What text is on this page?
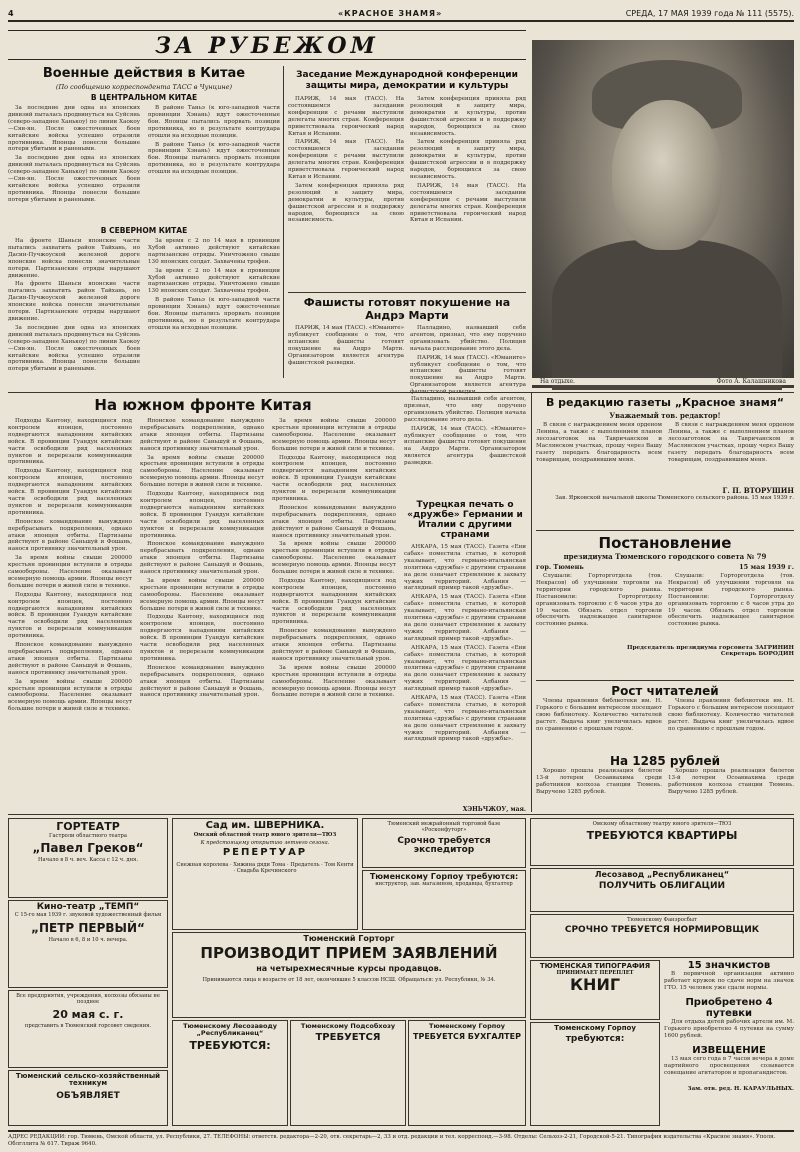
4	«КРАСНОЕ ЗНАМЯ»	СРЕДА, 17 МАЯ 1939 года № 111 (5575).
ЗА РУБЕЖОМ
Военные действия в Китае
(По сообщению корреспондента ТАСС в Чунцине)
В ЦЕНТРАЛЬНОМ КИТАЕ

За последние дни одна из японских дивизий пыталась продвинуться на Суйсянь (северо-западнее Ханькоу) по линии Хаокоу—Сян-ян. После ожесточенных боев китайские войска успешно отразили противника. Японцы понесли большие потери убитыми и ранеными.

За последние дни одна из японских дивизий пыталась продвинуться на Суйсянь (северо-западнее Ханькоу) по линии Хаокоу—Сян-ян. После ожесточенных боев китайские войска успешно отразили противника. Японцы понесли большие потери убитыми и ранеными.

В районе Таньэ (к юго-западной части провинции Хэнань) идут ожесточенные бои. Японцы пытались прорвать позиции противника, но в результате контрудара отошли на исходные позиции.

В районе Таньэ (к юго-западной части провинции Хэнань) идут ожесточенные бои. Японцы пытались прорвать позиции противника, но в результате контрудара отошли на исходные позиции.

В СЕВЕРНОМ КИТАЕ

На фронте Шаньси японские части пытались захватить район Тайхань, но Дасин-Пучжоуской железной дороге японские войска понесли значительные потери. Партизанские отряды нарушают движение.

На фронте Шаньси японские части пытались захватить район Тайхань, но Дасин-Пучжоуской железной дороге японские войска понесли значительные потери. Партизанские отряды нарушают движение.

За последние дни одна из японских дивизий пыталась продвинуться на Суйсянь (северо-западнее Ханькоу) по линии Хаокоу—Сян-ян. После ожесточенных боев китайские войска успешно отразили противника. Японцы понесли большие потери убитыми и ранеными.

За время с 2 по 14 мая в провинции Хубэй активно действуют китайские партизанские отряды. Уничтожено свыше 130 японских солдат. Захвачены трофеи.

За время с 2 по 14 мая в провинции Хубэй активно действуют китайские партизанские отряды. Уничтожено свыше 130 японских солдат. Захвачены трофеи.

В районе Таньэ (к юго-западной части провинции Хэнань) идут ожесточенные бои. Японцы пытались прорвать позиции противника, но в результате контрудара отошли на исходные позиции.

Заседание Международной конференции защиты мира, демократии и культуры

ПАРИЖ, 14 мая (ТАСС). На состоявшемся заседании конференции с речами выступили делегаты многих стран. Конференция приветствовала героический народ Китая и Испании.

ПАРИЖ, 14 мая (ТАСС). На состоявшемся заседании конференции с речами выступили делегаты многих стран. Конференция приветствовала героический народ Китая и Испании.

Затем конференция приняла ряд резолюций в защиту мира, демократии и культуры, против фашистской агрессии и в поддержку народов, борющихся за свою независимость.

Затем конференция приняла ряд резолюций в защиту мира, демократии и культуры, против фашистской агрессии и в поддержку народов, борющихся за свою независимость.

Затем конференция приняла ряд резолюций в защиту мира, демократии и культуры, против фашистской агрессии и в поддержку народов, борющихся за свою независимость.

ПАРИЖ, 14 мая (ТАСС). На состоявшемся заседании конференции с речами выступили делегаты многих стран. Конференция приветствовала героический народ Китая и Испании.

Фашисты готовят покушение на Андрэ Марти

ПАРИЖ, 14 мая (ТАСС). «Юманите» публикует сообщение о том, что испанские фашисты готовят покушение на Андрэ Марти. Организатором является агентура фашистской разведки.

Палладино, назвавший себя агентом, признал, что ему поручено организовать убийство. Полиция начала расследование этого дела.

ПАРИЖ, 14 мая (ТАСС). «Юманите» публикует сообщение о том, что испанские фашисты готовят покушение на Андрэ Марти. Организатором является агентура

На отдыхе.	Фото А. Калашникова
На южном фронте Китая

Подходы Кантону, находящиеся под контролем японцев, постоянно подвергаются нападениям китайских войск. В провинции Гуандун китайские части освободили ряд населенных пунктов и перерезали коммуникации противника.

Подходы Кантону, находящиеся под контролем японцев, постоянно подвергаются нападениям китайских войск. В провинции Гуандун китайские части освободили ряд населенных пунктов и перерезали коммуникации противника.

Японское командование вынуждено перебрасывать подкрепления, однако атаки японцев отбиты. Партизаны действуют в районе Саньшуй и Фошань, нанося противнику значительный урон.

За время войны свыше 200000 крестьян провинции вступили в отряды самообороны. Население оказывает всемерную помощь армии. Японцы несут большие потери в живой силе и технике.

Подходы Кантону, находящиеся под контролем японцев, постоянно подвергаются нападениям китайских войск. В провинции Гуандун китайские части освободили ряд населенных пунктов и перерезали коммуникации противника.

Японское командование вынуждено перебрасывать подкрепления, однако атаки японцев отбиты. Партизаны действуют в районе Саньшуй и Фошань, нанося противнику значительный урон.

За время войны свыше 200000 крестьян провинции вступили в отряды самообороны. Население оказывает всемерную помощь армии. Японцы несут большие потери в живой силе и технике.

Японское командование вынуждено перебрасывать подкрепления, однако атаки японцев отбиты. Партизаны действуют в районе Саньшуй и Фошань, нанося противнику значительный урон.

За время войны свыше 200000 крестьян провинции вступили в отряды самообороны. Население оказывает всемерную помощь армии. Японцы несут большие потери в живой силе и технике.

Подходы Кантону, находящиеся под контролем японцев, постоянно подвергаются нападениям китайских войск. В провинции Гуандун китайские части освободили ряд населенных пунктов и перерезали коммуникации противника.

Японское командование вынуждено перебрасывать подкрепления, однако атаки японцев отбиты. Партизаны действуют в районе Саньшуй и Фошань, нанося противнику значительный урон.

За время войны свыше 200000 крестьян провинции вступили в отряды самообороны. Население оказывает всемерную помощь армии. Японцы несут большие потери в живой силе и технике.

Подходы Кантону, находящиеся под контролем японцев, постоянно подвергаются нападениям китайских войск. В провинции Гуандун китайские части освободили ряд населенных пунктов и перерезали коммуникации противника.

Японское командование вынуждено перебрасывать подкрепления, однако атаки японцев отбиты. Партизаны действуют в районе Саньшуй и Фошань, нанося противнику значительный урон.

За время войны свыше 200000 крестьян провинции вступили в отряды самообороны. Население оказывает всемерную помощь армии. Японцы несут большие потери в живой силе и технике.

Подходы Кантону, находящиеся под контролем японцев, постоянно подвергаются нападениям китайских войск. В провинции Гуандун китайские части освободили ряд населенных пунктов и перерезали коммуникации противника.

Японское командование вынуждено перебрасывать подкрепления, однако атаки японцев отбиты. Партизаны действуют в районе Саньшуй и Фошань, нанося противнику значительный урон.

За время войны свыше 200000 крестьян провинции вступили в отряды самообороны. Население оказывает всемерную помощь армии. Японцы несут большие потери в живой силе и технике.

Подходы Кантону, находящиеся под контролем японцев, постоянно подвергаются нападениям китайских войск. В провинции Гуандун китайские части освободили ряд населенных пунктов и перерезали коммуникации противника.

Японское командование вынуждено перебрасывать подкрепления, однако атаки японцев отбиты. Партизаны действуют в районе Саньшуй и Фошань, нанося противнику значительный урон.

За время войны свыше 200000 крестьян провинции вступили в отряды самообороны. Население оказывает всемерную помощь армии. Японцы несут большие потери в живой силе и технике.

Палладино, назвавший себя агентом, признал, что ему поручено организовать убийство. Полиция начала расследование этого дела.

ПАРИЖ, 14 мая (ТАСС). «Юманите» публикует сообщение о том, что испанские фашисты готовят покушение на Андрэ Марти. Организатором является агентура фашистской разведки.

Турецкая печать о «дружбе» Германии и Италии с другими странами

АНКАРА, 15 мая (ТАСС). Газета «Ени сабах» поместила статью, в которой указывает, что германо-итальянская политика «дружбы» с другими странами на деле означает стремление к захвату чужих территорий. Албания — наглядный пример такой «дружбы».

АНКАРА, 15 мая (ТАСС). Газета «Ени сабах» поместила статью, в которой указывает, что германо-итальянская политика «дружбы» с другими странами на деле означает стремление к захвату чужих территорий. Албания — наглядный пример такой «дружбы».

АНКАРА, 15 мая (ТАСС). Газета «Ени сабах» поместила статью, в которой указывает, что германо-итальянская политика «дружбы» с другими странами на деле означает стремление к захвату чужих территорий. Албания — наглядный пример такой «дружбы».

АНКАРА, 15 мая (ТАСС). Газета «Ени сабах» поместила статью, в которой указывает, что германо-итальянская политика «дружбы» с другими странами на деле означает стремление к захвату чужих территорий. Албания — наглядный пример такой «дружбы».

ХЭНЬЧЖОУ, мая.
В редакцию газеты „Красное знамя“
Уважаемый тов. редактор!

В связи с награждением меня орденом Ленина, а также с выполнением планов лесозаготовок на Тавричанском и Маслянском участках, прошу через Вашу газету передать благодарность всем товарищам, поздравившим меня.

В связи с награждением меня орденом Ленина, а также с выполнением планов лесозаготовок на Тавричанском и Маслянском участках, прошу через Вашу газету передать благодарность всем товарищам, поздравившим меня.

Г. П. ВТОРУШИН
Зав. Ярковской начальной школы Тюменского сельского района. 15 мая 1939 г.
Постановление
президиума Тюменского городского совета № 79
гор. Тюмень	15 мая 1939 г.

Слушали: Горторготдела (тов. Некрасов) об улучшении торговли на территории городского рынка. Постановили: Горторготделу организовать торговлю с 6 часов утра до 19 часов. Обязать отдел торговли обеспечить надлежащее санитарное состояние рынка.

Слушали: Горторготдела (тов. Некрасов) об улучшении торговли на территории городского рынка. Постановили: Горторготделу организовать торговлю с 6 часов утра до 19 часов. Обязать отдел торговли обеспечить надлежащее санитарное состояние рынка.

Председатель президиума горсовета ЗАГРИНИН
Секретарь БОРОДИН
Рост читателей

Члены правления библиотеки им. Н. Горького с большим интересом посещают свою библиотеку. Количество читателей растет. Выдача книг увеличилась вдвое по сравнению с прошлым годом.

Члены правления библиотеки им. Н. Горького с большим интересом посещают свою библиотеку. Количество читателей растет. Выдача книг увеличилась вдвое по сравнению с прошлым годом.

На 1285 рублей

Хорошо прошла реализация билетов 13-й лотереи Осоавиахима среди работников колхоза станции Тюмень. Выручено 1285 рублей.

Хорошо прошла реализация билетов 13-й лотереи Осоавиахима среди работников колхоза станции Тюмень. Выручено 1285 рублей.

ГОРТЕАТР
Гастроли областного театра
„Павел Греков“
Начало в 8 ч. веч. Касса с 12 ч. дня.
Кино-театр „ТЕМП“
С 15-го мая 1939 г. звуковой художественный фильм
„ПЕТР ПЕРВЫЙ“
Начало в 6, 8 и 10 ч. вечера.
Все предприятия, учреждения, колхозы обязаны не позднее
20 мая с. г.
представить в Тюменский горсовет сведения.
Тюменский сельско-хозяйственный техникум
ОБЪЯВЛЯЕТ
Сад им. ШВЕРНИКА.
Омский областной театр юного зрителя—ТЮЗ
К предстоящему открытию летнего сезона.
РЕПЕРТУАР
Снежная королева · Хижина дяди Тома · Предатель · Том Кенти · Свадьба Кречинского
Тюменский Горторг
ПРОИЗВОДИТ ПРИЕМ ЗАЯВЛЕНИЙ
на четырехмесячные курсы продавцов.
Принимаются лица в возрасте от 18 лет, окончившие 5 классов НСШ. Обращаться: ул. Республики, № 34.
Тюменскому Лесозаводу „Республиканец“
ТРЕБУЮТСЯ:
Тюменскому Подсобхозу
ТРЕБУЕТСЯ
Тюменскому Горпоу
ТРЕБУЕТСЯ БУХГАЛТЕР
Тюменский межрайонный торговой базе «Росконфуторг»
Срочно требуется экспедитор
Тюменскому Горпоу требуются:
инструктор, зав. магазином, продавцы, бухгалтер
Омскому областному театру юного зрителя—ТЮЗ
ТРЕБУЮТСЯ КВАРТИРЫ
Лесозавод „Республиканец“
ПОЛУЧИТЬ ОБЛИГАЦИИ
Тюменскому Фанэросбыт
СРОЧНО ТРЕБУЕТСЯ НОРМИРОВЩИК
ТЮМЕНСКАЯ ТИПОГРАФИЯ
ПРИНИМАЕТ ПЕРЕПЛЕТ
КНИГ
15 значкистов

В первичной организации активно работает кружок по сдаче норм на значок ГТО. 15 человек уже сдали нормы.

Приобретено 4 путевки

Для отдыха детей рабочих артели им. М. Горького приобретено 4 путевки на сумму 1600 рублей.

ИЗВЕЩЕНИЕ

13 мая сего года в 7 часов вечера в доме партийного просвещения созывается совещание агитаторов и пропагандистов.

Зам. отв. ред. Н. КАРАУЛЬНЫХ.
Тюменскому Горпоу
требуются:
АДРЕС РЕДАКЦИИ: гор. Тюмень, Омской области, ул. Республики, 27. ТЕЛЕФОНЫ: ответств. редактора—2-20, отв. секретарь—2, 33 и отд. редакции и тел. корреспонд.—3-98. Отделы: Сельхоз-2-21, Городской-5-21. Типография издательства «Красное знамя». Уполн. Облгллита № 617. Тираж 9640.
